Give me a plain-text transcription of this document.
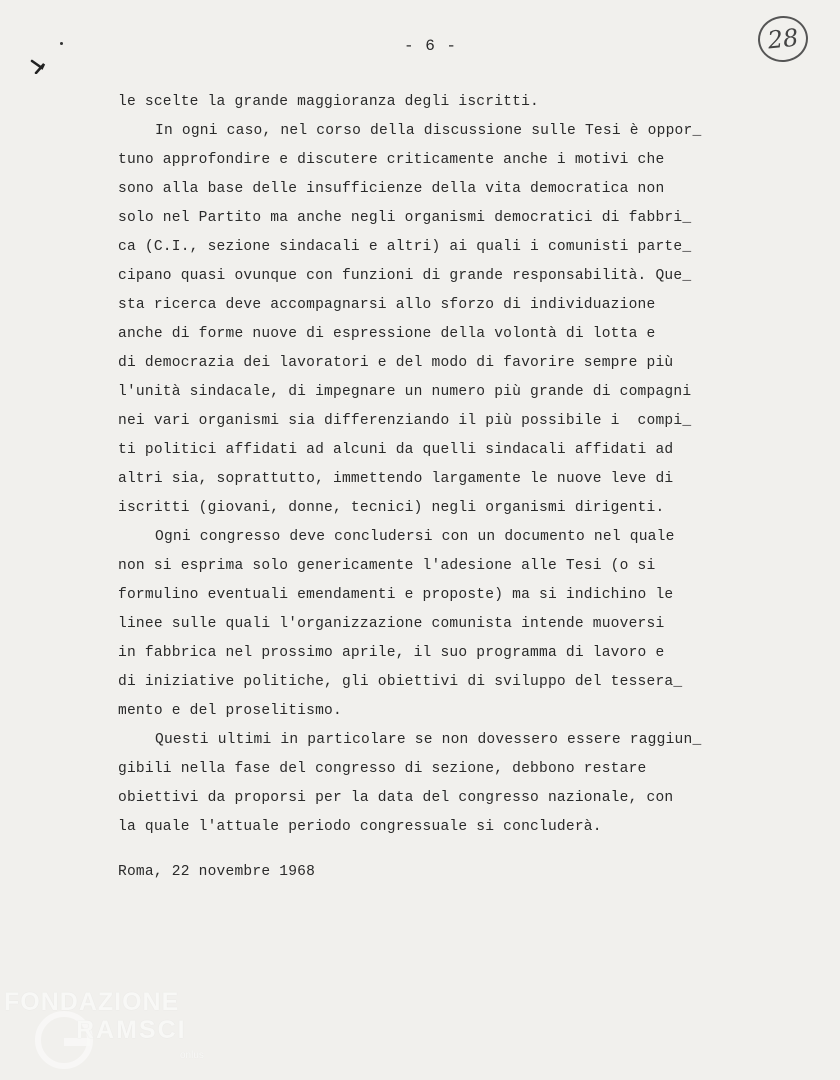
- 6 -	28
le scelte la grande maggioranza degli iscritti.
In ogni caso, nel corso della discussione sulle Tesi è oppor_
tuno approfondire e discutere criticamente anche i motivi che
sono alla base delle insufficienze della vita democratica non
solo nel Partito ma anche negli organismi democratici di fabbri_
ca (C.I., sezione sindacali e altri) ai quali i comunisti parte_
cipano quasi ovunque con funzioni di grande responsabilità. Que_
sta ricerca deve accompagnarsi allo sforzo di individuazione
anche di forme nuove di espressione della volontà di lotta e
di democrazia dei lavoratori e del modo di favorire sempre più
l'unità sindacale, di impegnare un numero più grande di compagni
nei vari organismi sia differenziando il più possibile i  compi_
ti politici affidati ad alcuni da quelli sindacali affidati ad
altri sia, soprattutto, immettendo largamente le nuove leve di
iscritti (giovani, donne, tecnici) negli organismi dirigenti.
Ogni congresso deve concludersi con un documento nel quale
non si esprima solo genericamente l'adesione alle Tesi (o si
formulino eventuali emendamenti e proposte) ma si indichino le
linee sulle quali l'organizzazione comunista intende muoversi
in fabbrica nel prossimo aprile, il suo programma di lavoro e
di iniziative politiche, gli obiettivi di sviluppo del tessera_
mento e del proselitismo.
Questi ultimi in particolare se non dovessero essere raggiun_
gibili nella fase del congresso di sezione, debbono restare
obiettivi da proporsi per la data del congresso nazionale, con
la quale l'attuale periodo congressuale si concluderà.
Roma, 22 novembre 1968
FONDAZIONE
RAMSCI
onlus
